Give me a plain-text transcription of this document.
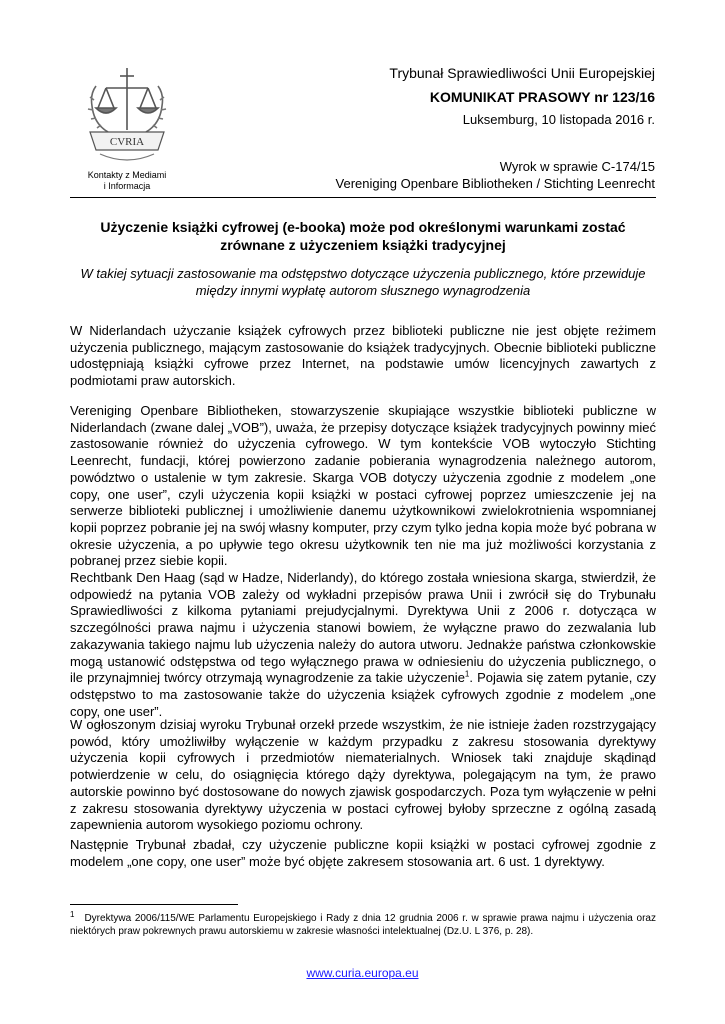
CVRIA
Kontakty z Mediami
i Informacja
Trybunał Sprawiedliwości Unii Europejskiej
KOMUNIKAT PRASOWY nr 123/16
Luksemburg, 10 listopada 2016 r.
Wyrok w sprawie C-174/15
Vereniging Openbare Bibliotheken / Stichting Leenrecht
Użyczenie książki cyfrowej (e-booka) może pod określonymi warunkami zostać
zrównane z użyczeniem książki tradycyjnej
W takiej sytuacji zastosowanie ma odstępstwo dotyczące użyczenia publicznego, które przewiduje
między innymi wypłatę autorom słusznego wynagrodzenia

W Niderlandach użyczanie książek cyfrowych przez biblioteki publiczne nie jest objęte reżimem użyczenia publicznego, mającym zastosowanie do książek tradycyjnych. Obecnie biblioteki publiczne udostępniają książki cyfrowe przez Internet, na podstawie umów licencyjnych zawartych z podmiotami praw autorskich.

Vereniging Openbare Bibliotheken, stowarzyszenie skupiające wszystkie biblioteki publiczne w Niderlandach (zwane dalej „VOB”), uważa, że przepisy dotyczące książek tradycyjnych powinny mieć zastosowanie również do użyczenia cyfrowego. W tym kontekście VOB wytoczyło Stichting Leenrecht, fundacji, której powierzono zadanie pobierania wynagrodzenia należnego autorom, powództwo o ustalenie w tym zakresie. Skarga VOB dotyczy użyczenia zgodnie z modelem „one copy, one user”, czyli użyczenia kopii książki w postaci cyfrowej poprzez umieszczenie jej na serwerze biblioteki publicznej i umożliwienie danemu użytkownikowi zwielokrotnienia wspomnianej kopii poprzez pobranie jej na swój własny komputer, przy czym tylko jedna kopia może być pobrana w okresie użyczenia, a po upływie tego okresu użytkownik ten nie ma już możliwości korzystania z pobranej przez siebie kopii.

Rechtbank Den Haag (sąd w Hadze, Niderlandy), do którego została wniesiona skarga, stwierdził, że odpowiedź na pytania VOB zależy od wykładni przepisów prawa Unii i zwrócił się do Trybunału Sprawiedliwości z kilkoma pytaniami prejudycjalnymi. Dyrektywa Unii z 2006 r. dotycząca w szczególności prawa najmu i użyczenia stanowi bowiem, że wyłączne prawo do zezwalania lub zakazywania takiego najmu lub użyczenia należy do autora utworu. Jednakże państwa członkowskie mogą ustanowić odstępstwa od tego wyłącznego prawa w odniesieniu do użyczenia publicznego, o ile przynajmniej twórcy otrzymają wynagrodzenie za takie użyczenie$^1$. Pojawia się zatem pytanie, czy odstępstwo to ma zastosowanie także do użyczenia książek cyfrowych zgodnie z modelem „one copy, one user”.

W ogłoszonym dzisiaj wyroku Trybunał orzekł przede wszystkim, że nie istnieje żaden rozstrzygający powód, który umożliwiłby wyłączenie w każdym przypadku z zakresu stosowania dyrektywy użyczenia kopii cyfrowych i przedmiotów niematerialnych. Wniosek taki znajduje skądinąd potwierdzenie w celu, do osiągnięcia którego dąży dyrektywa, polegającym na tym, że prawo autorskie powinno być dostosowane do nowych zjawisk gospodarczych. Poza tym wyłączenie w pełni z zakresu stosowania dyrektywy użyczenia w postaci cyfrowej byłoby sprzeczne z ogólną zasadą zapewnienia autorom wysokiego poziomu ochrony.

Następnie Trybunał zbadał, czy użyczenie publiczne kopii książki w postaci cyfrowej zgodnie z modelem „one copy, one user” może być objęte zakresem stosowania art. 6 ust. 1 dyrektywy.

$^1$ Dyrektywa 2006/115/WE Parlamentu Europejskiego i Rady z dnia 12 grudnia 2006 r. w sprawie prawa najmu i użyczenia oraz niektórych praw pokrewnych prawu autorskiemu w zakresie własności intelektualnej (Dz.U. L 376, p. 28).

www.curia.europa.eu
